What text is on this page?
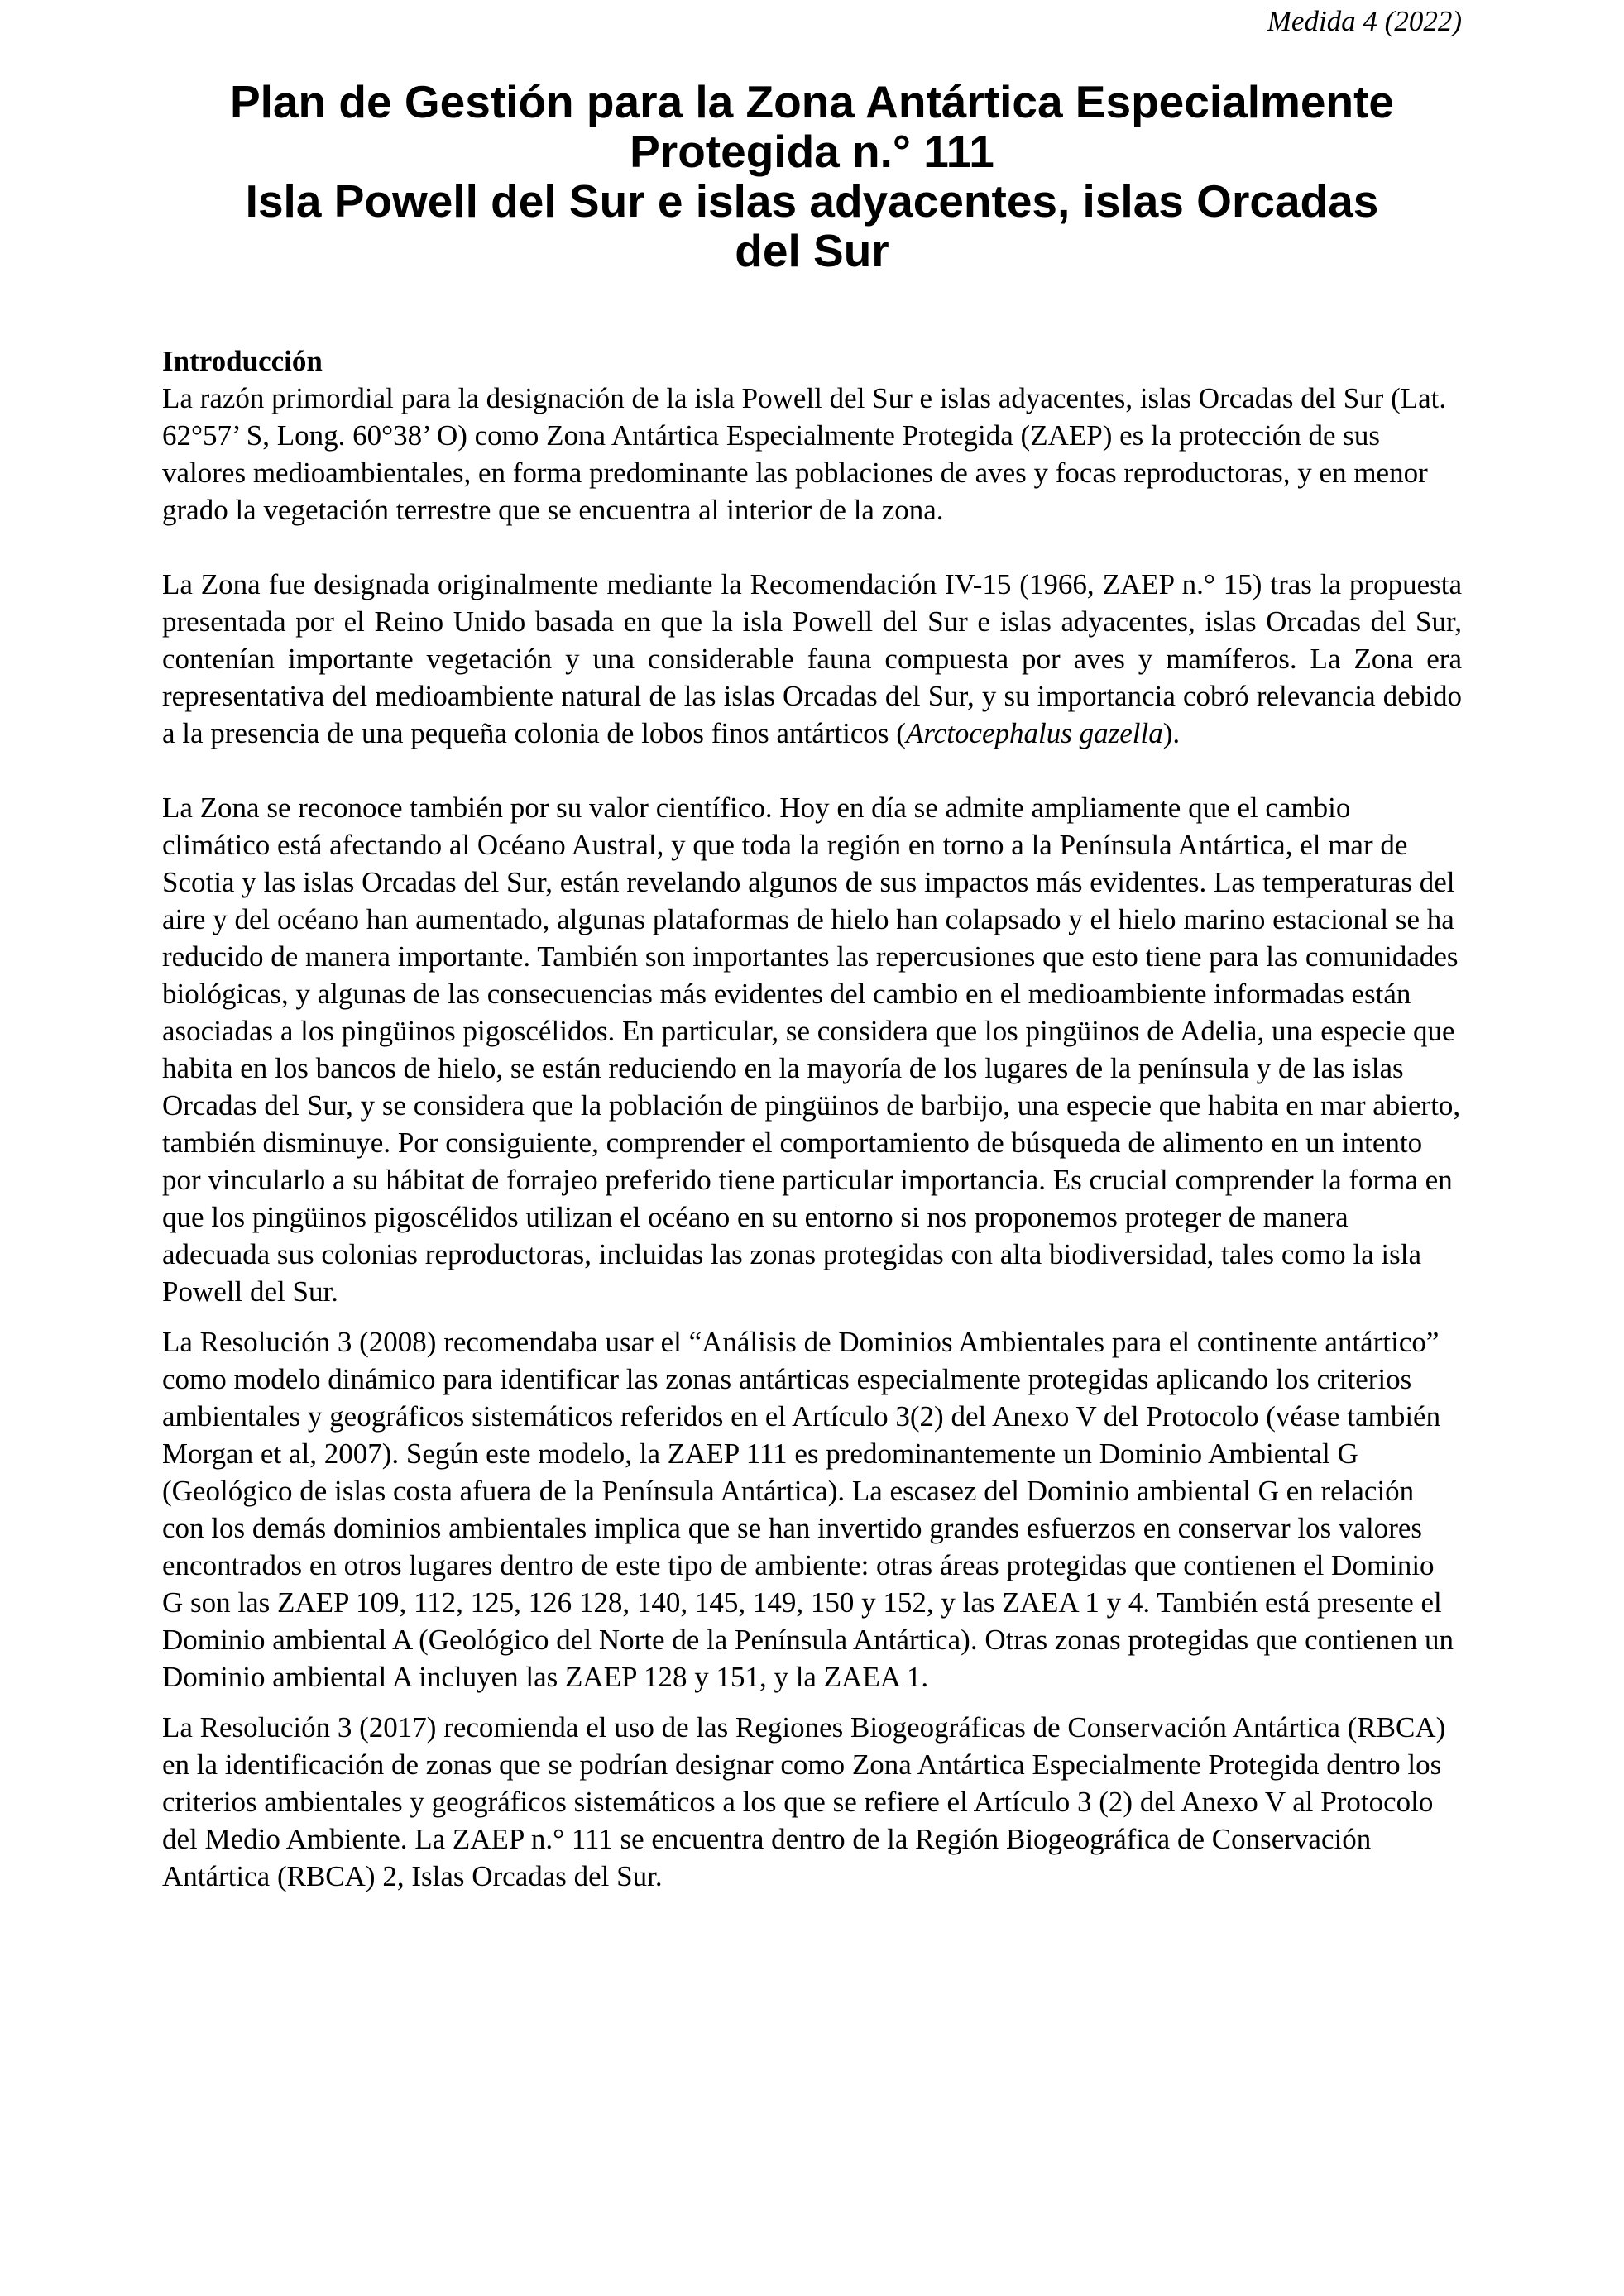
Medida 4 (2022)
Plan de Gestión para la Zona Antártica Especialmente
Protegida n.° 111
Isla Powell del Sur e islas adyacentes, islas Orcadas
del Sur

Introducción

La razón primordial para la designación de la isla Powell del Sur e islas adyacentes, islas Orcadas del Sur (Lat. 62°57’ S, Long. 60°38’ O) como Zona Antártica Especialmente Protegida (ZAEP) es la protección de sus valores medioambientales, en forma predominante las poblaciones de aves y focas reproductoras, y en menor grado la vegetación terrestre que se encuentra al interior de la zona.

La Zona fue designada originalmente mediante la Recomendación IV-15 (1966, ZAEP n.° 15) tras la propuesta presentada por el Reino Unido basada en que la isla Powell del Sur e islas adyacentes, islas Orcadas del Sur, contenían importante vegetación y una considerable fauna compuesta por aves y mamíferos. La Zona era representativa del medioambiente natural de las islas Orcadas del Sur, y su importancia cobró relevancia debido a la presencia de una pequeña colonia de lobos finos antárticos (Arctocephalus gazella).

La Zona se reconoce también por su valor científico. Hoy en día se admite ampliamente que el cambio climático está afectando al Océano Austral, y que toda la región en torno a la Península Antártica, el mar de Scotia y las islas Orcadas del Sur, están revelando algunos de sus impactos más evidentes. Las temperaturas del aire y del océano han aumentado, algunas plataformas de hielo han colapsado y el hielo marino estacional se ha reducido de manera importante. También son importantes las repercusiones que esto tiene para las comunidades biológicas, y algunas de las consecuencias más evidentes del cambio en el medioambiente informadas están asociadas a los pingüinos pigoscélidos. En particular, se considera que los pingüinos de Adelia, una especie que habita en los bancos de hielo, se están reduciendo en la mayoría de los lugares de la península y de las islas Orcadas del Sur, y se considera que la población de pingüinos de barbijo, una especie que habita en mar abierto, también disminuye. Por consiguiente, comprender el comportamiento de búsqueda de alimento en un intento por vincularlo a su hábitat de forrajeo preferido tiene particular importancia. Es crucial comprender la forma en que los pingüinos pigoscélidos utilizan el océano en su entorno si nos proponemos proteger de manera adecuada sus colonias reproductoras, incluidas las zonas protegidas con alta biodiversidad, tales como la isla Powell del Sur.

La Resolución 3 (2008) recomendaba usar el “Análisis de Dominios Ambientales para el continente antártico” como modelo dinámico para identificar las zonas antárticas especialmente protegidas aplicando los criterios ambientales y geográficos sistemáticos referidos en el Artículo 3(2) del Anexo V del Protocolo (véase también Morgan et al, 2007). Según este modelo, la ZAEP 111 es predominantemente un Dominio Ambiental G (Geológico de islas costa afuera de la Península Antártica). La escasez del Dominio ambiental G en relación con los demás dominios ambientales implica que se han invertido grandes esfuerzos en conservar los valores encontrados en otros lugares dentro de este tipo de ambiente: otras áreas protegidas que contienen el Dominio G son las ZAEP 109, 112, 125, 126 128, 140, 145, 149, 150 y 152, y las ZAEA 1 y 4. También está presente el Dominio ambiental A (Geológico del Norte de la Península Antártica). Otras zonas protegidas que contienen un Dominio ambiental A incluyen las ZAEP 128 y 151, y la ZAEA 1.

La Resolución 3 (2017) recomienda el uso de las Regiones Biogeográficas de Conservación Antártica (RBCA) en la identificación de zonas que se podrían designar como Zona Antártica Especialmente Protegida dentro los criterios ambientales y geográficos sistemáticos a los que se refiere el Artículo 3 (2) del Anexo V al Protocolo del Medio Ambiente. La ZAEP n.° 111 se encuentra dentro de la Región Biogeográfica de Conservación Antártica (RBCA) 2, Islas Orcadas del Sur.
